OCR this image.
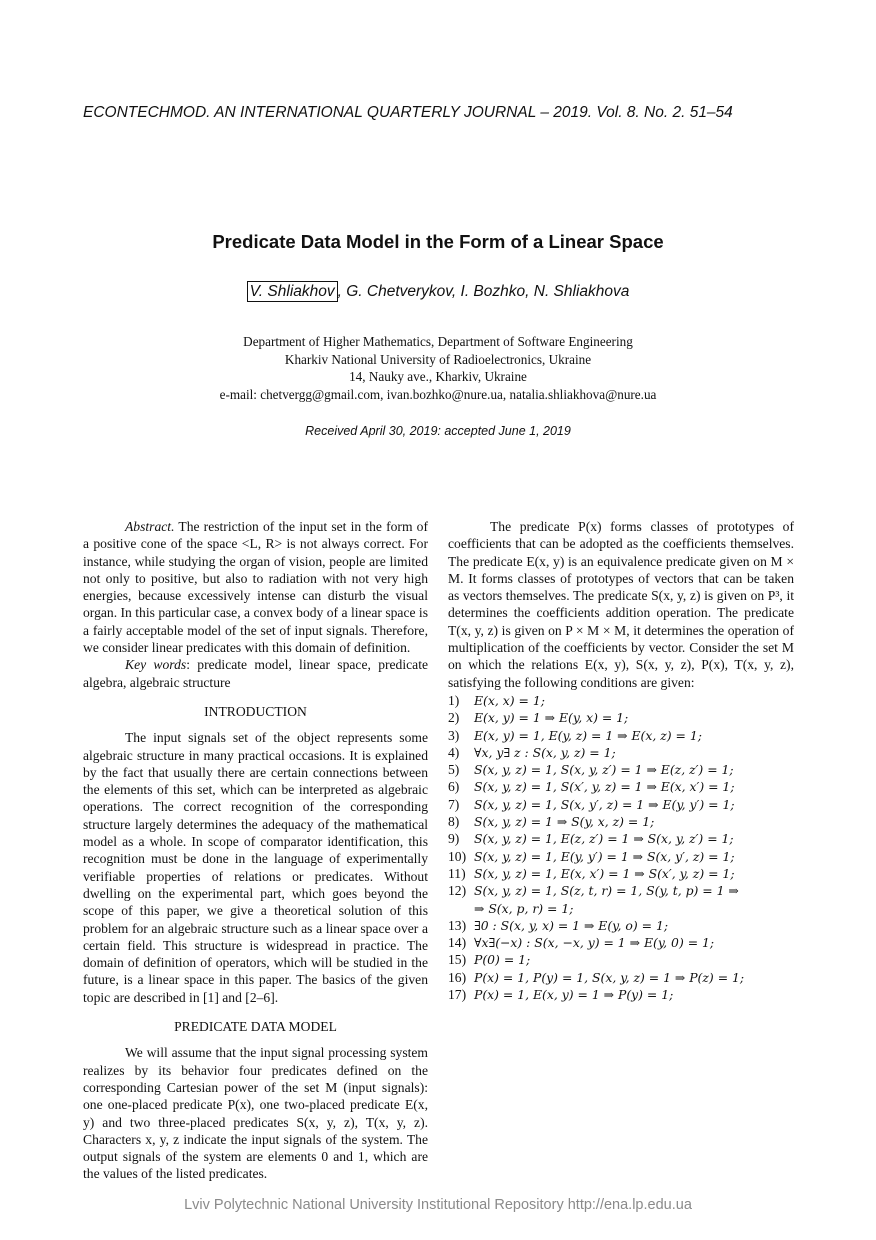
ECONTECHMOD. AN INTERNATIONAL QUARTERLY JOURNAL – 2019. Vol. 8. No. 2. 51–54
Predicate Data Model in the Form of a Linear Space
V. Shliakhov , G. Chetverykov, I. Bozhko, N. Shliakhova
Department of Higher Mathematics, Department of Software Engineering
Kharkiv National University of Radioelectronics, Ukraine
14, Nauky ave., Kharkiv, Ukraine
e-mail: chetvergg@gmail.com, ivan.bozhko@nure.ua, natalia.shliakhova@nure.ua
Received April 30, 2019: accepted June 1, 2019

Abstract. The restriction of the input set in the form of a positive cone of the space <L, R> is not always correct. For instance, while studying the organ of vision, people are limited not only to positive, but also to radiation with not very high energies, because excessively intense can disturb the visual organ. In this particular case, a convex body of a linear space is a fairly acceptable model of the set of input signals. Therefore, we consider linear predicates with this domain of definition.

Key words: predicate model, linear space, predicate algebra, algebraic structure

INTRODUCTION

The input signals set of the object represents some algebraic structure in many practical occasions. It is explained by the fact that usually there are certain connections between the elements of this set, which can be interpreted as algebraic operations. The correct recognition of the corresponding structure largely determines the adequacy of the mathematical model as a whole. In scope of comparator identification, this recognition must be done in the language of experimentally verifiable properties of relations or predicates. Without dwelling on the experimental part, which goes beyond the scope of this paper, we give a theoretical solution of this problem for an algebraic structure such as a linear space over a certain field. This structure is widespread in practice. The domain of definition of operators, which will be studied in the future, is a linear space in this paper. The basics of the given topic are described in [1] and [2–6].

PREDICATE DATA MODEL

We will assume that the input signal processing system realizes by its behavior four predicates defined on the corresponding Cartesian power of the set M (input signals): one one-placed predicate P(x), one two-placed predicate E(x, y) and two three-placed predicates S(x, y, z), T(x, y, z). Characters x, y, z indicate the input signals of the system. The output signals of the system are elements 0 and 1, which are the values of the listed predicates.

The predicate P(x) forms classes of prototypes of coefficients that can be adopted as the coefficients themselves. The predicate E(x, y) is an equivalence predicate given on M × M. It forms classes of prototypes of vectors that can be taken as vectors themselves. The predicate S(x, y, z) is given on P³, it determines the coefficients addition operation. The predicate T(x, y, z) is given on P × M × M, it determines the operation of multiplication of the coefficients by vector. Consider the set M on which the relations E(x, y), S(x, y, z), P(x), T(x, y, z), satisfying the following conditions are given:

1)	E(x, x) = 1;
2)	E(x, y) = 1 ⇒ E(y, x) = 1;
3)	E(x, y) = 1, E(y, z) = 1 ⇒ E(x, z) = 1;
4)	∀x, y∃ z : S(x, y, z) = 1;
5)	S(x, y, z) = 1, S(x, y, z′) = 1 ⇒ E(z, z′) = 1;
6)	S(x, y, z) = 1, S(x′, y, z) = 1 ⇒ E(x, x′) = 1;
7)	S(x, y, z) = 1, S(x, y′, z) = 1 ⇒ E(y, y′) = 1;
8)	S(x, y, z) = 1 ⇒ S(y, x, z) = 1;
9)	S(x, y, z) = 1, E(z, z′) = 1 ⇒ S(x, y, z′) = 1;
10) S(x, y, z) = 1, E(y, y′) = 1 ⇒ S(x, y′, z) = 1;
11) S(x, y, z) = 1, E(x, x′) = 1 ⇒ S(x′, y, z) = 1;
12) S(x, y, z) = 1, S(z, t, r) = 1, S(y, t, p) = 1 ⇒
⇒ S(x, p, r) = 1;
13) ∃0 : S(x, y, x) = 1 ⇒ E(y, o) = 1;
14) ∀x∃(−x) : S(x, −x, y) = 1 ⇒ E(y, 0) = 1;
15) P(0) = 1;
16) P(x) = 1, P(y) = 1, S(x, y, z) = 1 ⇒ P(z) = 1;
17) P(x) = 1, E(x, y) = 1 ⇒ P(y) = 1;
Lviv Polytechnic National University Institutional Repository http://ena.lp.edu.ua
